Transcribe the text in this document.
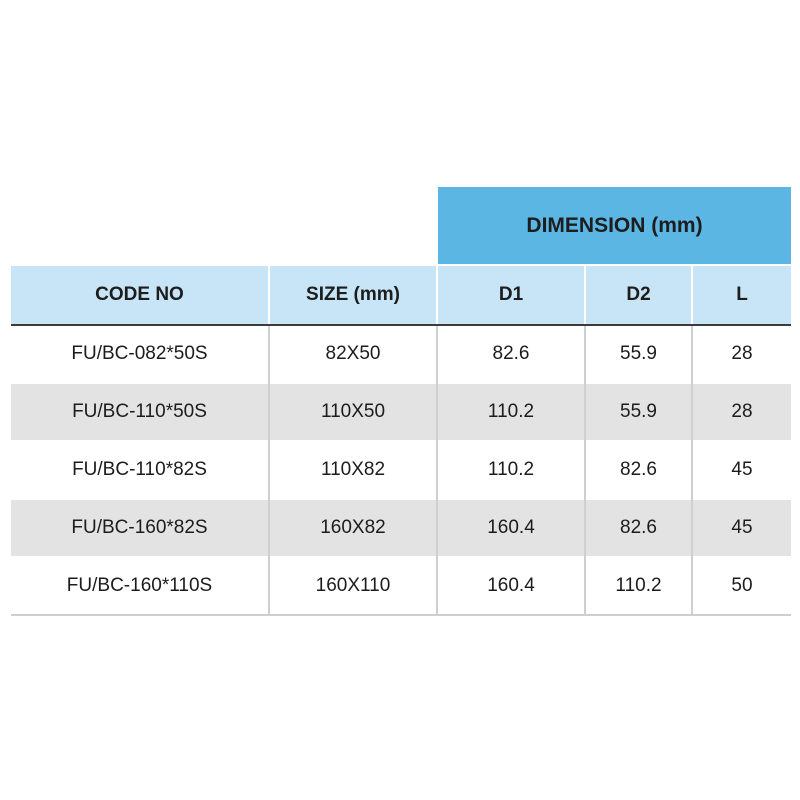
		DIMENSION (mm)		
CODE NO	SIZE (mm)	D1	D2	L
FU/BC-082*50S	82X50	82.6	55.9	28
FU/BC-110*50S	110X50	110.2	55.9	28
FU/BC-110*82S	110X82	110.2	82.6	45
FU/BC-160*82S	160X82	160.4	82.6	45
FU/BC-160*110S	160X110	160.4	110.2	50
